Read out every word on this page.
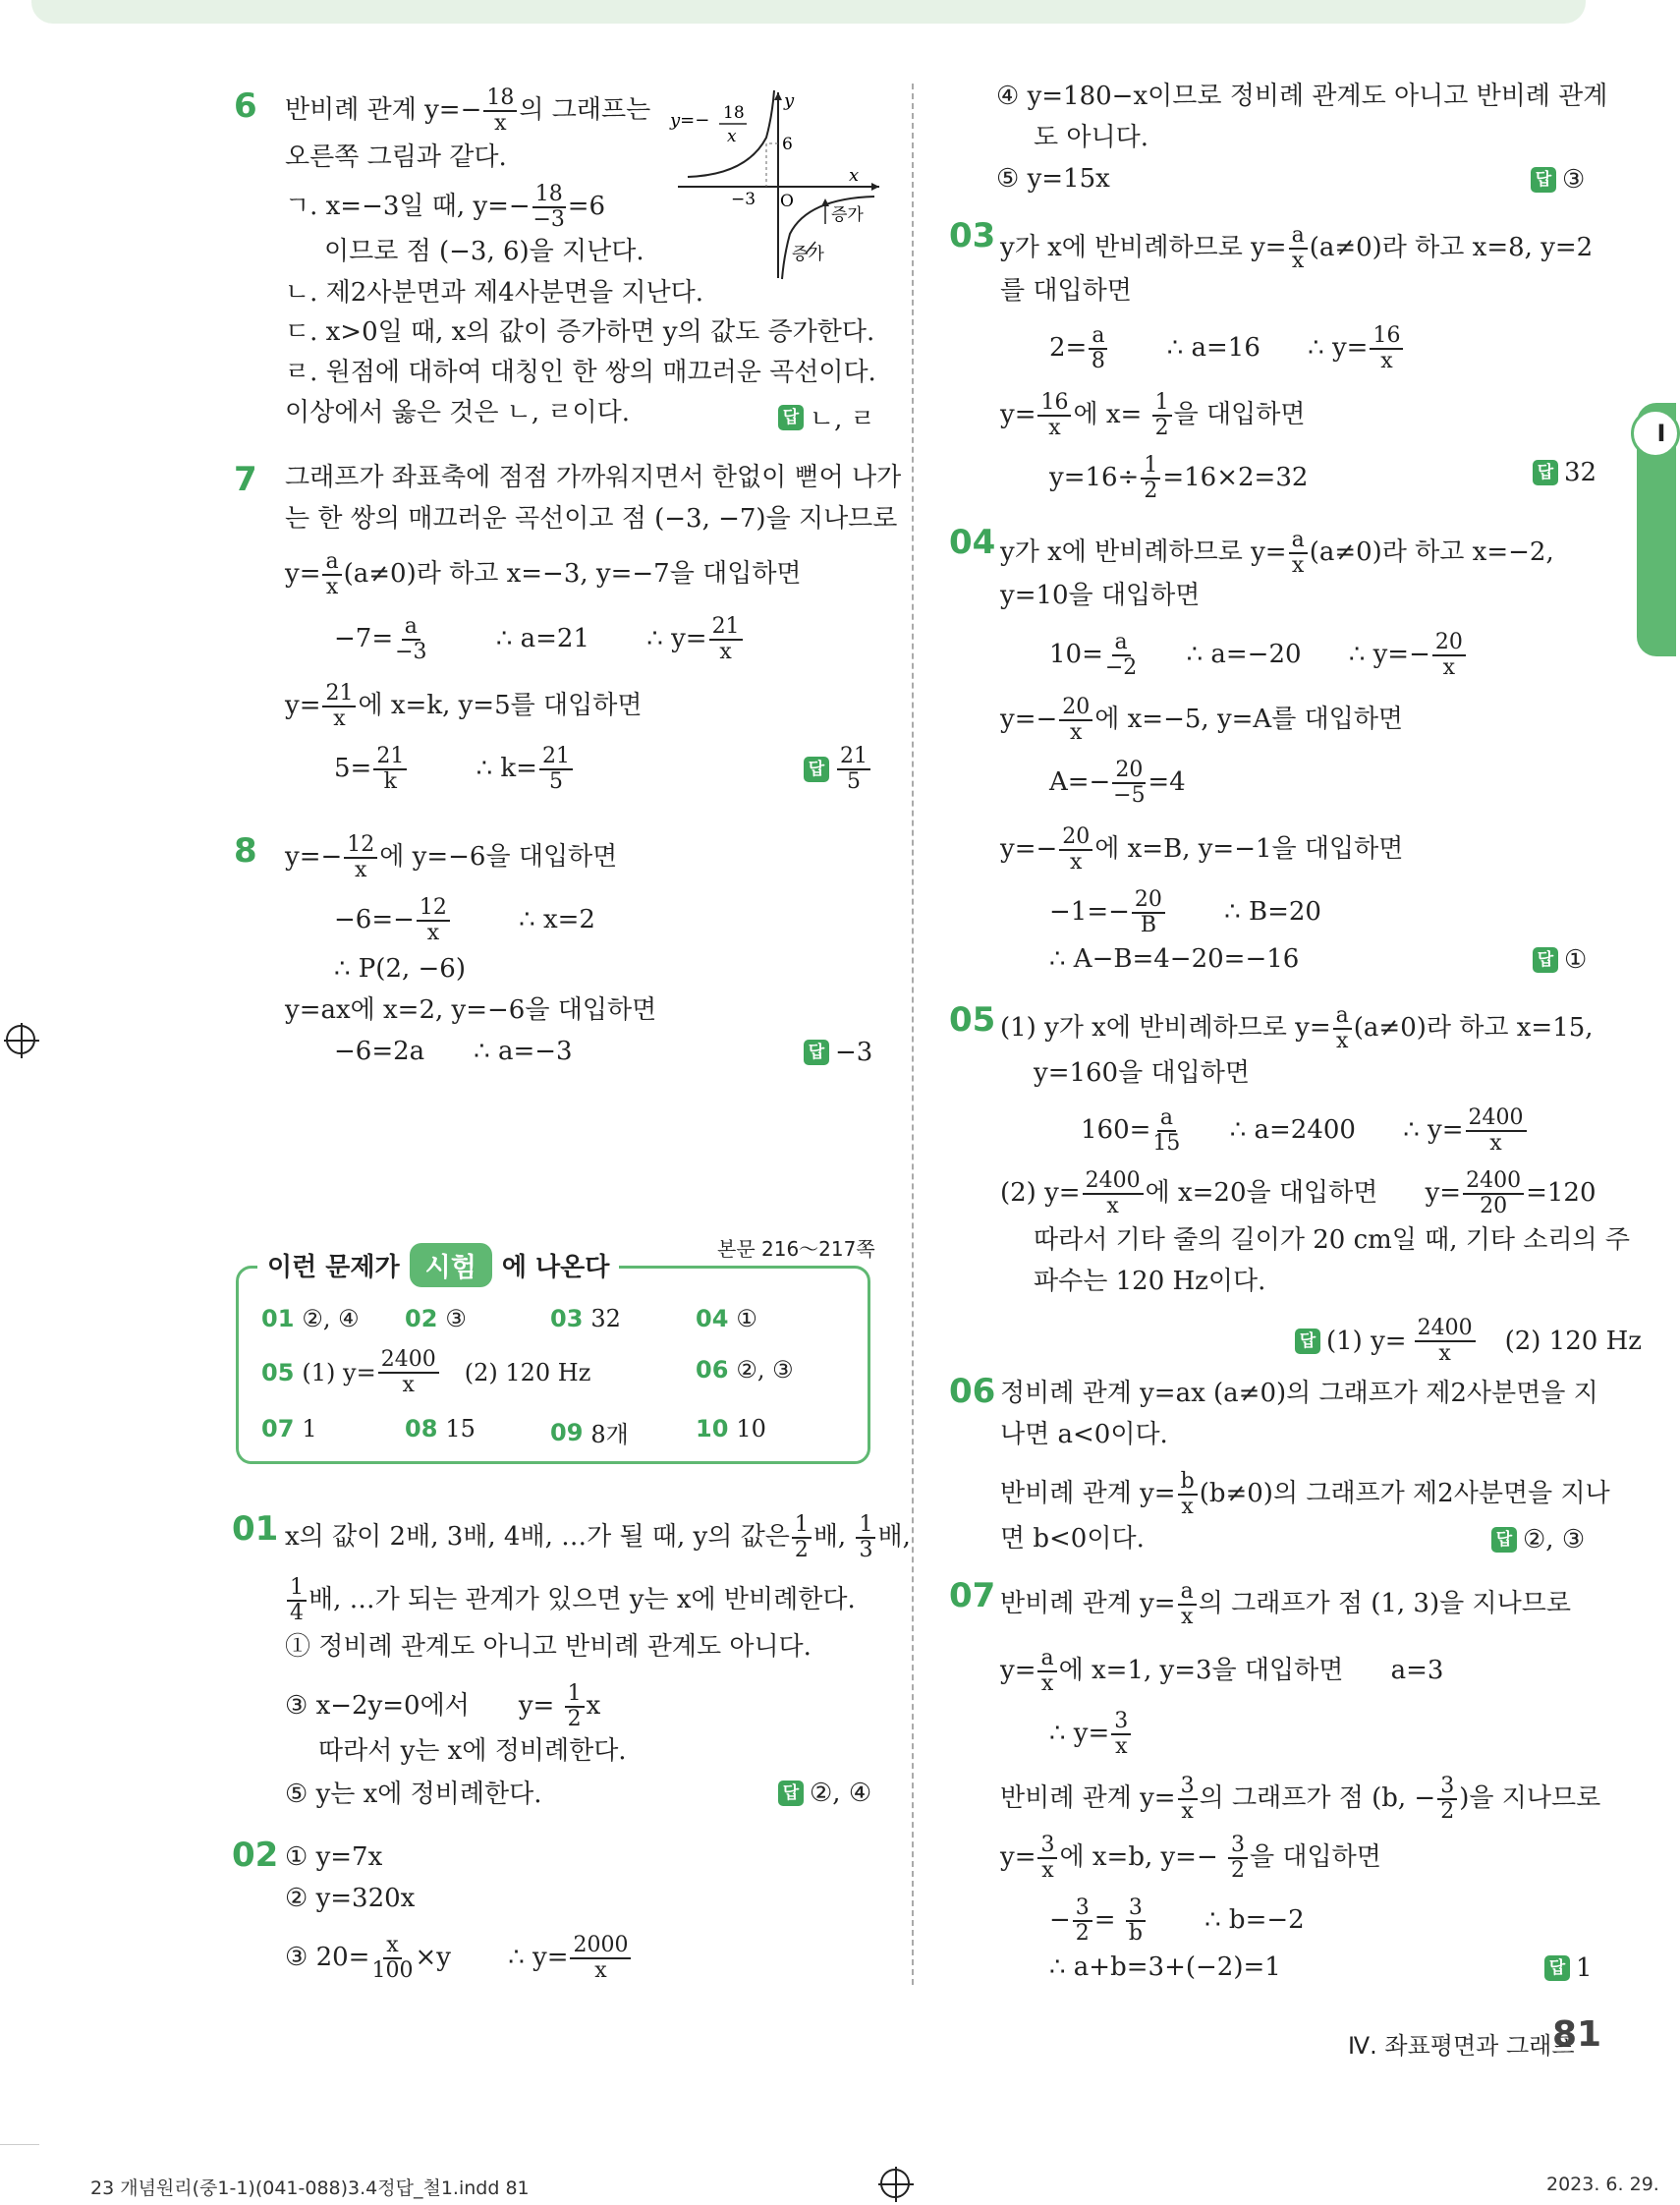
I
6 반비례 관계 $y=- \frac{18}{x}$ 의 그래프는
오른쪽 그림과 같다.
ㄱ. x=−3일 때, $y=- \frac{18}{-3} =6$
이므로 점 (−3, 6)을 지난다.
ㄴ. 제2사분면과 제4사분면을 지난다.
ㄷ. x>0일 때, x의 값이 증가하면 y의 값도 증가한다.
ㄹ. 원점에 대하여 대칭인 한 쌍의 매끄러운 곡선이다.
이상에서 옳은 것은 ㄴ, ㄹ이다.	답 ㄴ, ㄹ
y=− 18
x
y
x
6
−3 O
증가
증가
7 그래프가 좌표축에 점점 가까워지면서 한없이 뻗어 나가
는 한 쌍의 매끄러운 곡선이고 점 (−3, −7)을 지나므로
$y= \frac{a}{x} (a\ne 0)$라 하고 x=−3, y=−7을 대입하면
$-7= \frac{a}{-3}$	∴ a=21 ∴ $y= \frac{21}{x}$
$y= \frac{21}{x}$ 에 x=k, y=5를 대입하면
$5= \frac{21}{k}$	∴ $k= \frac{21}{5}$	답 $\frac{21}{5}$
8 $y=- \frac{12}{x}$ 에 y=−6을 대입하면
$-6=- \frac{12}{x}$	∴ x=2
∴ P(2, −6)
y=ax에 x=2, y=−6을 대입하면
−6=2a ∴ a=−3	답 −3
이런 문제가 시험	에 나온다
본문 216～217쪽
01 ②, ④ 02 ③	03 32	04 ①
05 (1) $y= \frac{2400}{x} (2)$ 120 Hz	06 ②, ③
07 1	08 15	09 8개	10 10
01 x의 값이 2배, 3배, 4배, …가 될 때, y의 값은 $\frac{1}{2}$ 배, $\frac{1}{3}$ 배,
$\frac{1}{4}$ 배, …가 되는 관계가 있으면 y는 x에 반비례한다.
① 정비례 관계도 아니고 반비례 관계도 아니다.
③ x−2y=0에서 $y= \frac{1}{2}$ x
따라서 y는 x에 정비례한다.
⑤ y는 x에 정비례한다.	답 ②, ④
02 ① y=7x
② y=320x
③ $20= \frac{x}{100} \times y$ ∴ $y= \frac{2000}{x}$
④ y=180−x이므로 정비례 관계도 아니고 반비례 관계
도 아니다.
⑤ y=15x	답 ③
03 y가 x에 반비례하므로 $y= \frac{a}{x} (a\ne 0)$라 하고 x=8, y=2
를 대입하면
$2= \frac{a}{8}$ ∴ a=16 ∴ $y= \frac{16}{x}$
$y= \frac{16}{x}$ 에 $x= \frac{1}{2}$ 을 대입하면
$y=16\div \frac{1}{2} =16\times 2=32$	답 32
04 y가 x에 반비례하므로 $y= \frac{a}{x} (a\ne 0)$라 하고 x=−2,
y=10을 대입하면
$10= \frac{a}{-2}$ ∴ a=−20 ∴ $y=- \frac{20}{x}$
$y=- \frac{20}{x}$ 에 x=−5, y=A를 대입하면
$A=- \frac{20}{-5} =4$
$y=- \frac{20}{x}$ 에 x=B, y=−1을 대입하면
$-1=- \frac{20}{B}$ ∴ B=20
∴ A−B=4−20=−16	답 ①
05 (1) y가 x에 반비례하므로 $y= \frac{a}{x} (a\ne 0)$라 하고 x=15,
y=160을 대입하면
$160= \frac{a}{15}$ ∴ a=2400 ∴ $y= \frac{2400}{x}$
(2) $y= \frac{2400}{x}$ 에 x=20을 대입하면 $y= \frac{2400}{20} =120$
따라서 기타 줄의 길이가 20 cm일 때, 기타 소리의 주
파수는 120 Hz이다.
답 (1) $y= \frac{2400}{x} (2)$ 120 Hz
06 정비례 관계 y=ax (a≠0)의 그래프가 제2사분면을 지
나면 a<0이다.
반비례 관계 $y= \frac{b}{x} (b\ne 0)$의 그래프가 제2사분면을 지나
면 b<0이다.	답 ②, ③
07 반비례 관계 $y= \frac{a}{x}$ 의 그래프가 점 (1, 3)을 지나므로
$y= \frac{a}{x}$ 에 x=1, y=3을 대입하면 a=3
∴ $y= \frac{3}{x}$
반비례 관계 $y= \frac{3}{x}$ 의 그래프가 점 (b, − $\frac{3}{2}$ )을 지나므로
$y= \frac{3}{x}$ 에 x=b, $y=- \frac{3}{2}$ 을 대입하면
− $\frac{3}{2} = \frac{3}{b}$ ∴ b=−2
∴ a+b=3+(−2)=1	답 1
Ⅳ. 좌표평면과 그래프
81
23 개념원리(중1-1)(041-088)3.4정답_철1.indd 81	2023. 6. 29.
